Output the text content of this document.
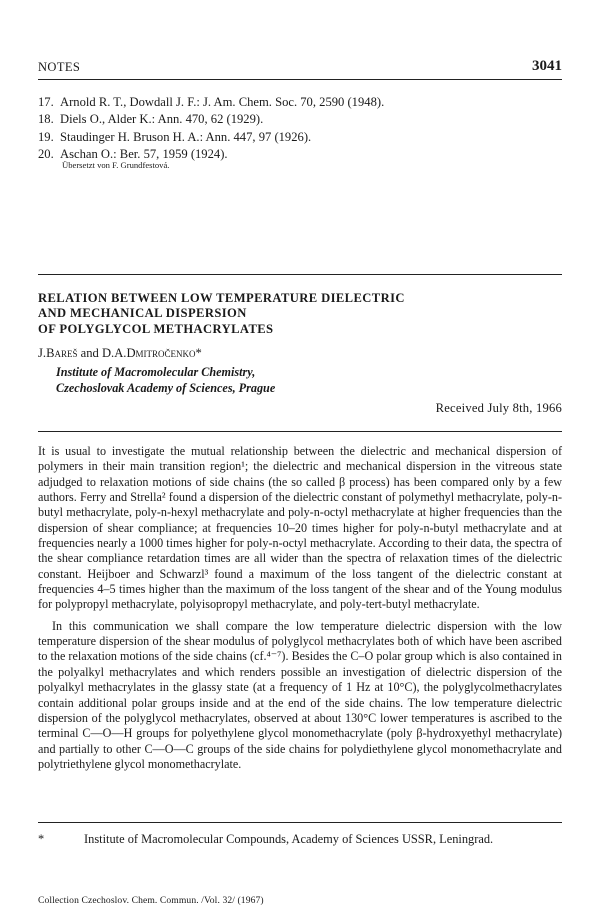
NOTES	3041
17. Arnold R. T., Dowdall J. F.: J. Am. Chem. Soc. 70, 2590 (1948).
18. Diels O., Alder K.: Ann. 470, 62 (1929).
19. Staudinger H. Bruson H. A.: Ann. 447, 97 (1926).
20. Aschan O.: Ber. 57, 1959 (1924).
Übersetzt von F. Grundfestová.
RELATION BETWEEN LOW TEMPERATURE DIELECTRIC
AND MECHANICAL DISPERSION
OF POLYGLYCOL METHACRYLATES
J.Bareš and D.A.Dmitročenko*
Institute of Macromolecular Chemistry,
Czechoslovak Academy of Sciences, Prague
Received July 8th, 1966

It is usual to investigate the mutual relationship between the dielectric and mechanical dispersion of polymers in their main transition region¹; the dielectric and mechanical dispersion in the vitreous state adjudged to relaxation motions of side chains (the so called β process) has been compared only by a few authors. Ferry and Strella² found a dispersion of the dielectric constant of polymethyl methacrylate, poly-n-butyl methacrylate, poly-n-hexyl methacrylate and poly-n-octyl methacrylate at higher frequencies than the dispersion of shear compliance; at frequencies 10–20 times higher for poly-n-butyl methacrylate and at frequencies nearly a 1000 times higher for poly-n-octyl methacrylate. According to their data, the spectra of the shear compliance retardation times are all wider than the spectra of relaxation times of the dielectric constant. Heijboer and Schwarzl³ found a maximum of the loss tangent of the dielectric constant at frequencies 4–5 times higher than the maximum of the loss tangent of the shear and of the Young modulus for polypropyl methacrylate, polyisopropyl methacrylate, and poly-tert-butyl methacrylate.

In this communication we shall compare the low temperature dielectric dispersion with the low temperature dispersion of the shear modulus of polyglycol methacrylates both of which have been ascribed to the relaxation motions of the side chains (cf.⁴⁻⁷). Besides the C–O polar group which is also contained in the polyalkyl methacrylates and which renders possible an investigation of dielectric dispersion of the polyalkyl methacrylates in the glassy state (at a frequency of 1 Hz at 10°C), the polyglycolmethacrylates contain additional polar groups inside and at the end of the side chains. The low temperature dielectric dispersion of the polyglycol methacrylates, observed at about 130°C lower temperatures is ascribed to the terminal C—O—H groups for polyethylene glycol monomethacrylate (poly β-hydroxyethyl methacrylate) and partially to other C—O—C groups of the side chains for polydiethylene glycol monomethacrylate and polytriethylene glycol monomethacrylate.

*	Institute of Macromolecular Compounds, Academy of Sciences USSR, Leningrad.
Collection Czechoslov. Chem. Commun. /Vol. 32/ (1967)
